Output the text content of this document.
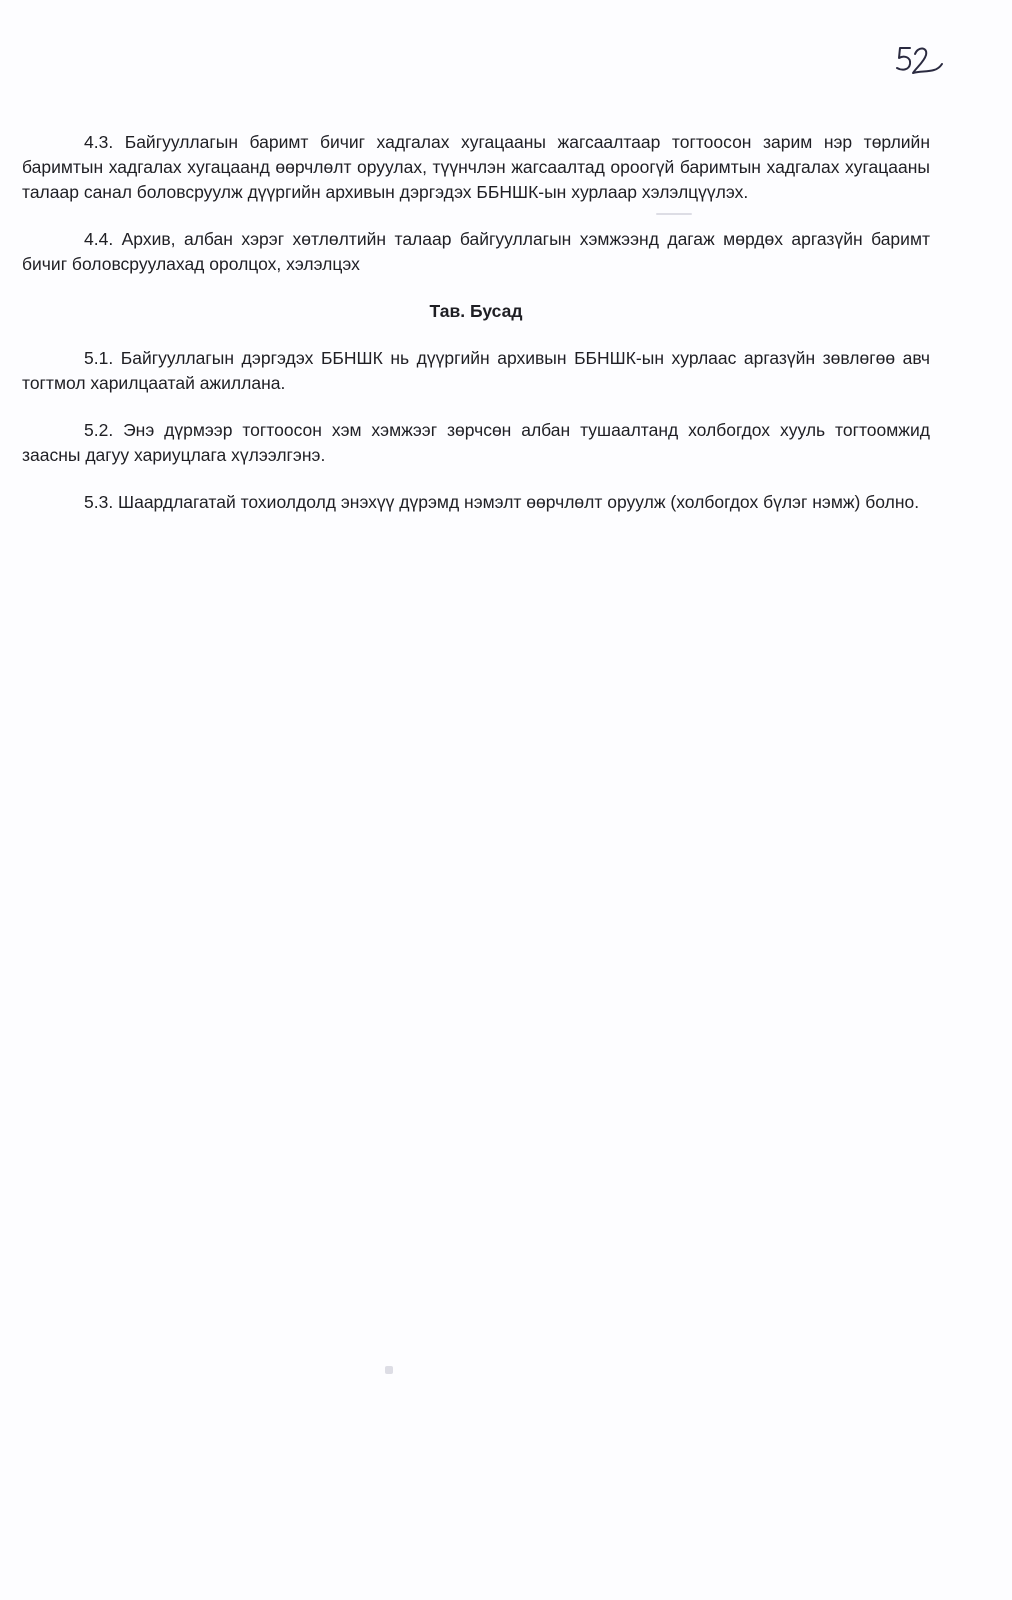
4.3. Байгууллагын баримт бичиг хадгалах хугацааны жагсаалтаар тогтоосон зарим нэр төрлийн баримтын хадгалах хугацаанд өөрчлөлт оруулах, түүнчлэн жагсаалтад ороогүй баримтын хадгалах хугацааны талаар санал боловсруулж дүүргийн архивын дэргэдэх ББНШК-ын хурлаар хэлэлцүүлэх.

4.4. Архив, албан хэрэг хөтлөлтийн талаар байгууллагын хэмжээнд дагаж мөрдөх аргазүйн баримт бичиг боловсруулахад оролцох, хэлэлцэх

Тав. Бусад

5.1. Байгууллагын дэргэдэх ББНШК нь дүүргийн архивын ББНШК-ын хурлаас аргазүйн зөвлөгөө авч тогтмол харилцаатай ажиллана.

5.2. Энэ дүрмээр тогтоосон хэм хэмжээг зөрчсөн албан тушаалтанд холбогдох хууль тогтоомжид заасны дагуу хариуцлага хүлээлгэнэ.

5.3. Шаардлагатай тохиолдолд энэхүү дүрэмд нэмэлт өөрчлөлт оруулж (холбогдох бүлэг нэмж) болно.
